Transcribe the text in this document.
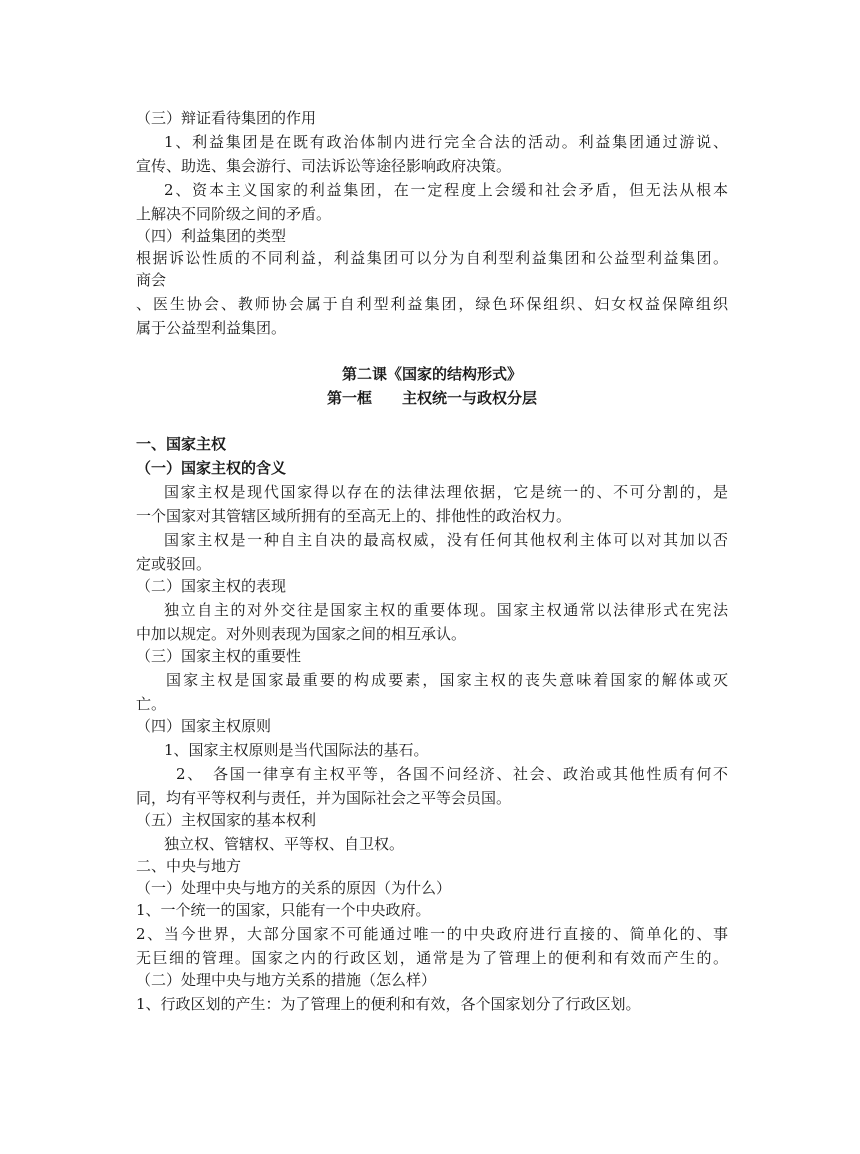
（三）辩证看待集团的作用
1、利益集团是在既有政治体制内进行完全合法的活动。利益集团通过游说、
宣传、助选、集会游行、司法诉讼等途径影响政府决策。
2、资本主义国家的利益集团，在一定程度上会缓和社会矛盾，但无法从根本
上解决不同阶级之间的矛盾。
（四）利益集团的类型
根据诉讼性质的不同利益，利益集团可以分为自利型利益集团和公益型利益集团。
商会
、医生协会、教师协会属于自利型利益集团，绿色环保组织、妇女权益保障组织
属于公益型利益集团。
第二课《国家的结构形式》
第一框　　主权统一与政权分层
一、国家主权
（一）国家主权的含义
国家主权是现代国家得以存在的法律法理依据，它是统一的、不可分割的，是
一个国家对其管辖区域所拥有的至高无上的、排他性的政治权力。
国家主权是一种自主自决的最高权威，没有任何其他权利主体可以对其加以否
定或驳回。
（二）国家主权的表现
独立自主的对外交往是国家主权的重要体现。国家主权通常以法律形式在宪法
中加以规定。对外则表现为国家之间的相互承认。
（三）国家主权的重要性
国家主权是国家最重要的构成要素，国家主权的丧失意味着国家的解体或灭
亡。
（四）国家主权原则
1、国家主权原则是当代国际法的基石。
2、　各国一律享有主权平等，各国不问经济、社会、政治或其他性质有何不
同，均有平等权利与责任，并为国际社会之平等会员国。
（五）主权国家的基本权利
独立权、管辖权、平等权、自卫权。
二、中央与地方
（一）处理中央与地方的关系的原因（为什么）
1、一个统一的国家，只能有一个中央政府。
2、当今世界，大部分国家不可能通过唯一的中央政府进行直接的、简单化的、事
无巨细的管理。国家之内的行政区划，通常是为了管理上的便利和有效而产生的。
（二）处理中央与地方关系的措施（怎么样）
1、行政区划的产生：为了管理上的便利和有效，各个国家划分了行政区划。
